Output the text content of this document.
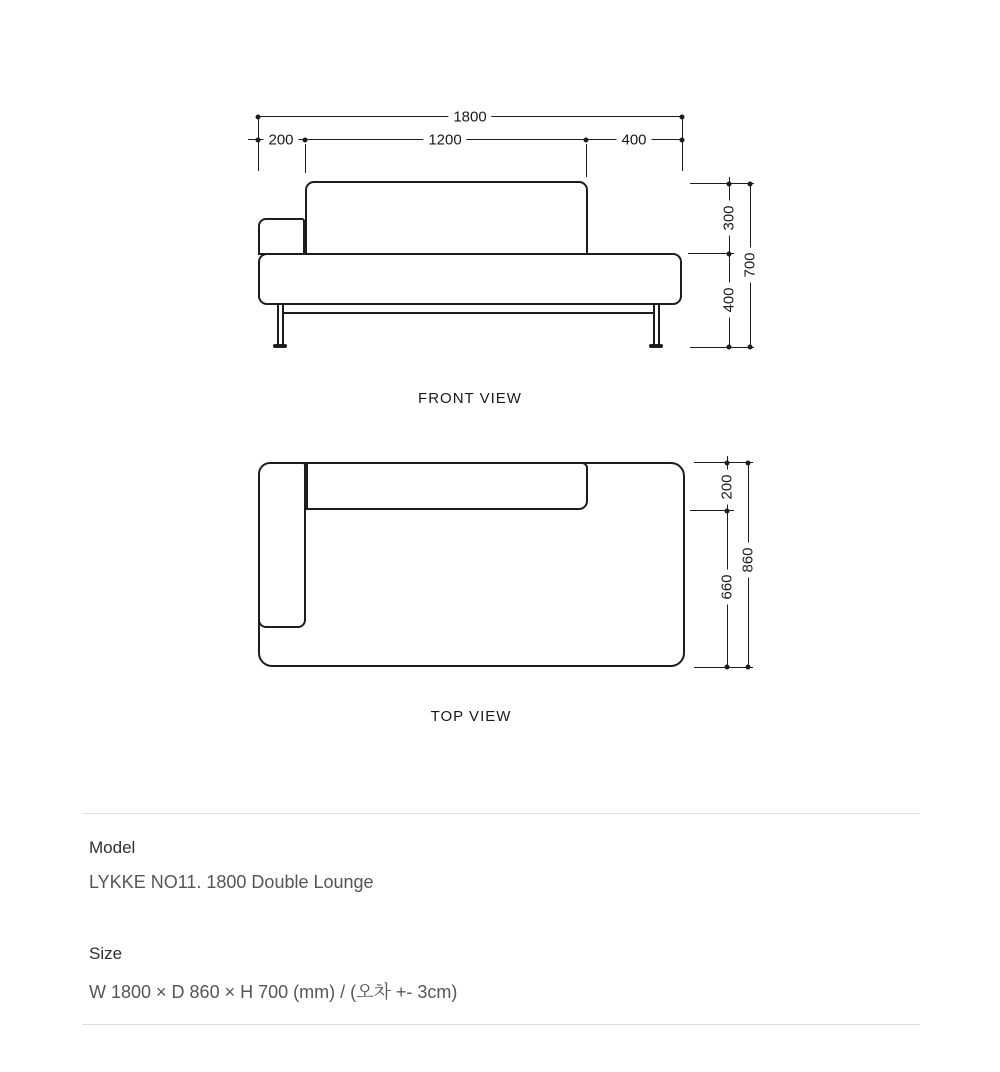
1800
200	1200	400
300
400
700
FRONT VIEW
200
660
860
TOP VIEW
Model
LYKKE NO11. 1800 Double Lounge
Size
W 1800 × D 860 × H 700 (mm) / (오차 +- 3cm)
